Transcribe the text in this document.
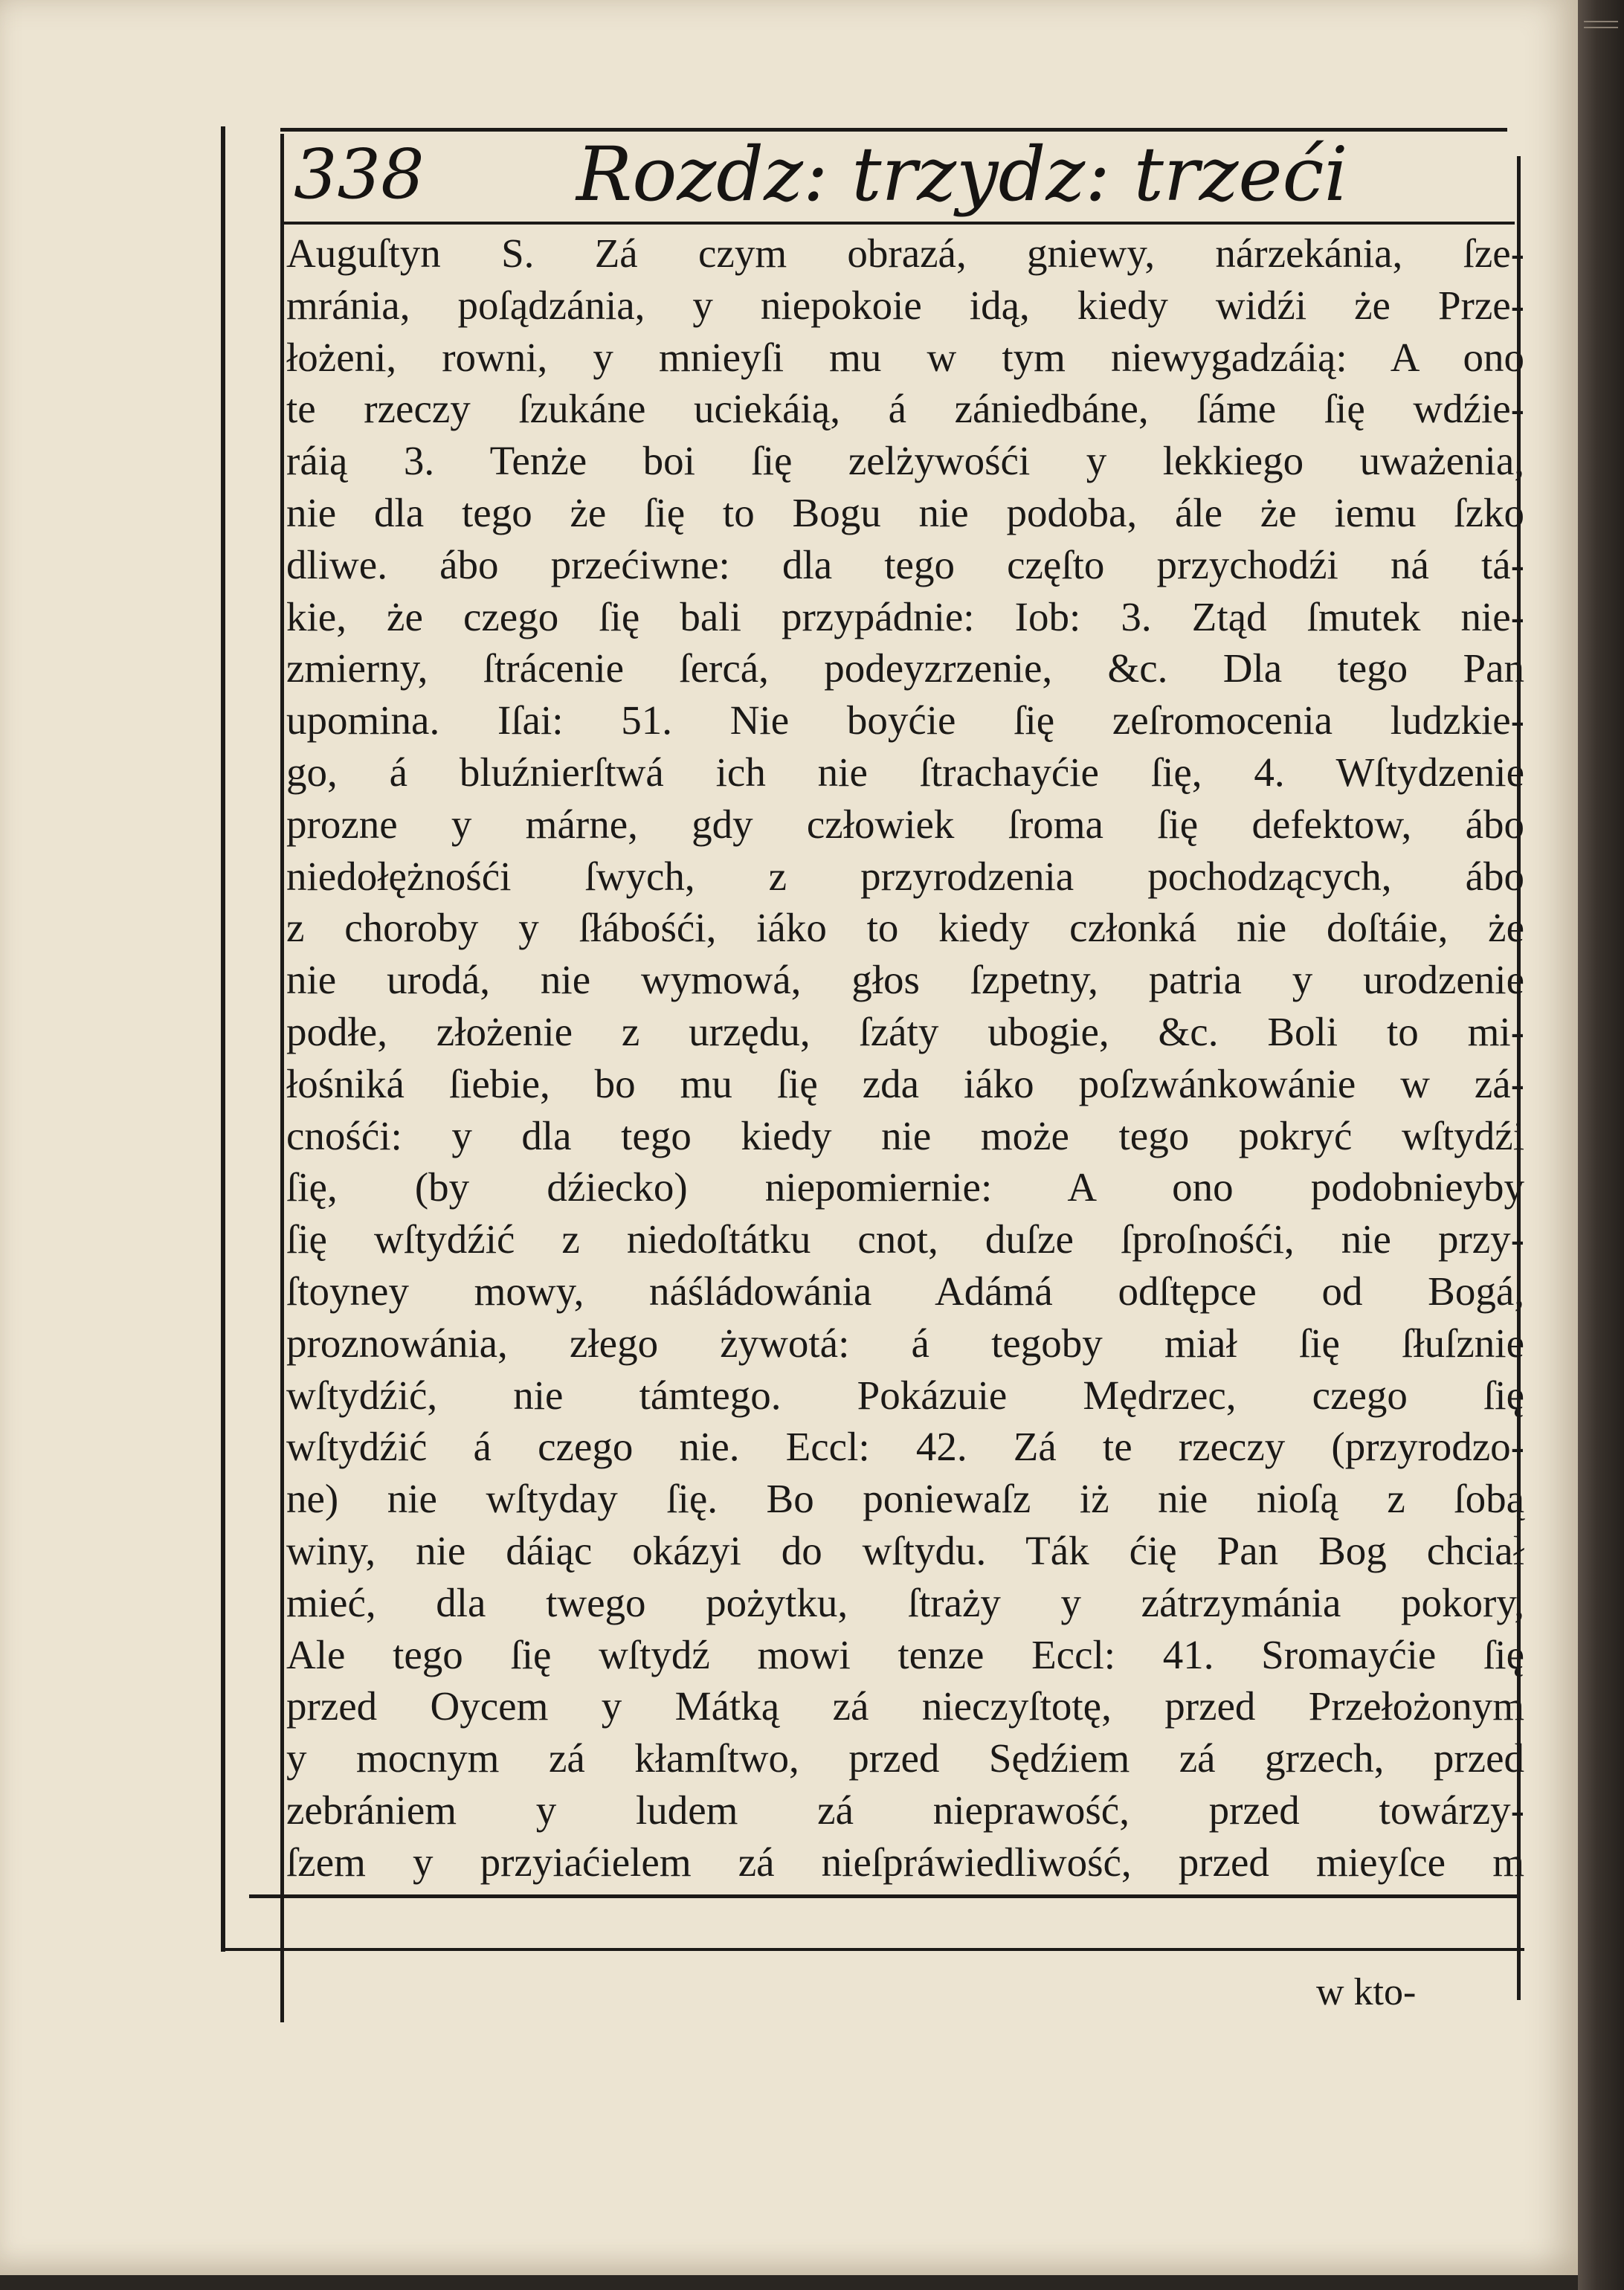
338 Rozdz: trzydz: trzeći
Auguſtyn S. Zá czym obrazá, gniewy, nárzekánia, ſze-
mránia, poſądzánia, y niepokoie idą, kiedy widźi że Prze-
łożeni, rowni, y mnieyſi mu w tym niewygadzáią: A ono
te rzeczy ſzukáne uciekáią, á zániedbáne, ſáme ſię wdźie-
ráią 3. Tenże boi ſię zelżywośći y lekkiego uważenia,
nie dla tego że ſię to Bogu nie podoba, ále że iemu ſzko
dliwe. ábo przećiwne: dla tego częſto przychodźi ná tá-
kie, że czego ſię bali przypádnie: Iob: 3. Ztąd ſmutek nie-
zmierny, ſtrácenie ſercá, podeyzrzenie, &c. Dla tego Pan
upomina. Iſai: 51. Nie boyćie ſię zeſromocenia ludzkie-
go, á bluźnierſtwá ich nie ſtrachayćie ſię, 4. Wſtydzenie
prozne y márne, gdy człowiek ſroma ſię defektow, ábo
niedołężnośći ſwych, z przyrodzenia pochodzących, ábo
z choroby y ſłábośći, iáko to kiedy członká nie doſtáie, że
nie urodá, nie wymowá, głos ſzpetny, patria y urodzenie
podłe, złożenie z urzędu, ſzáty ubogie, &c. Boli to mi-
łośniká ſiebie, bo mu ſię zda iáko poſzwánkowánie w zá-
cnośći: y dla tego kiedy nie może tego pokryć wſtydźi
ſię, (by dźiecko) niepomiernie: A ono podobnieyby
ſię wſtydźić z niedoſtátku cnot, duſze ſproſnośći, nie przy-
ſtoyney mowy, náśládowánia Adámá odſtępce od Bogá,
proznowánia, złego żywotá: á tegoby miał ſię ſłuſznie
wſtydźić, nie támtego. Pokázuie Mędrzec, czego ſię
wſtydźić á czego nie. Eccl: 42. Zá te rzeczy (przyrodzo-
ne) nie wſtyday ſię. Bo poniewaſz iż nie nioſą z ſobą
winy, nie dáiąc okázyi do wſtydu. Ták ćię Pan Bog chciał
mieć, dla twego pożytku, ſtraży y zátrzymánia pokory,
Ale tego ſię wſtydź mowi tenze Eccl: 41. Sromayćie ſię
przed Oycem y Mátką zá nieczyſtotę, przed Przełożonym
y mocnym zá kłamſtwo, przed Sędźiem zá grzech, przed
zebrániem y ludem zá nieprawość, przed towárzy-
ſzem y przyiaćielem zá nieſpráwiedliwość, przed mieyſce m
w kto-
